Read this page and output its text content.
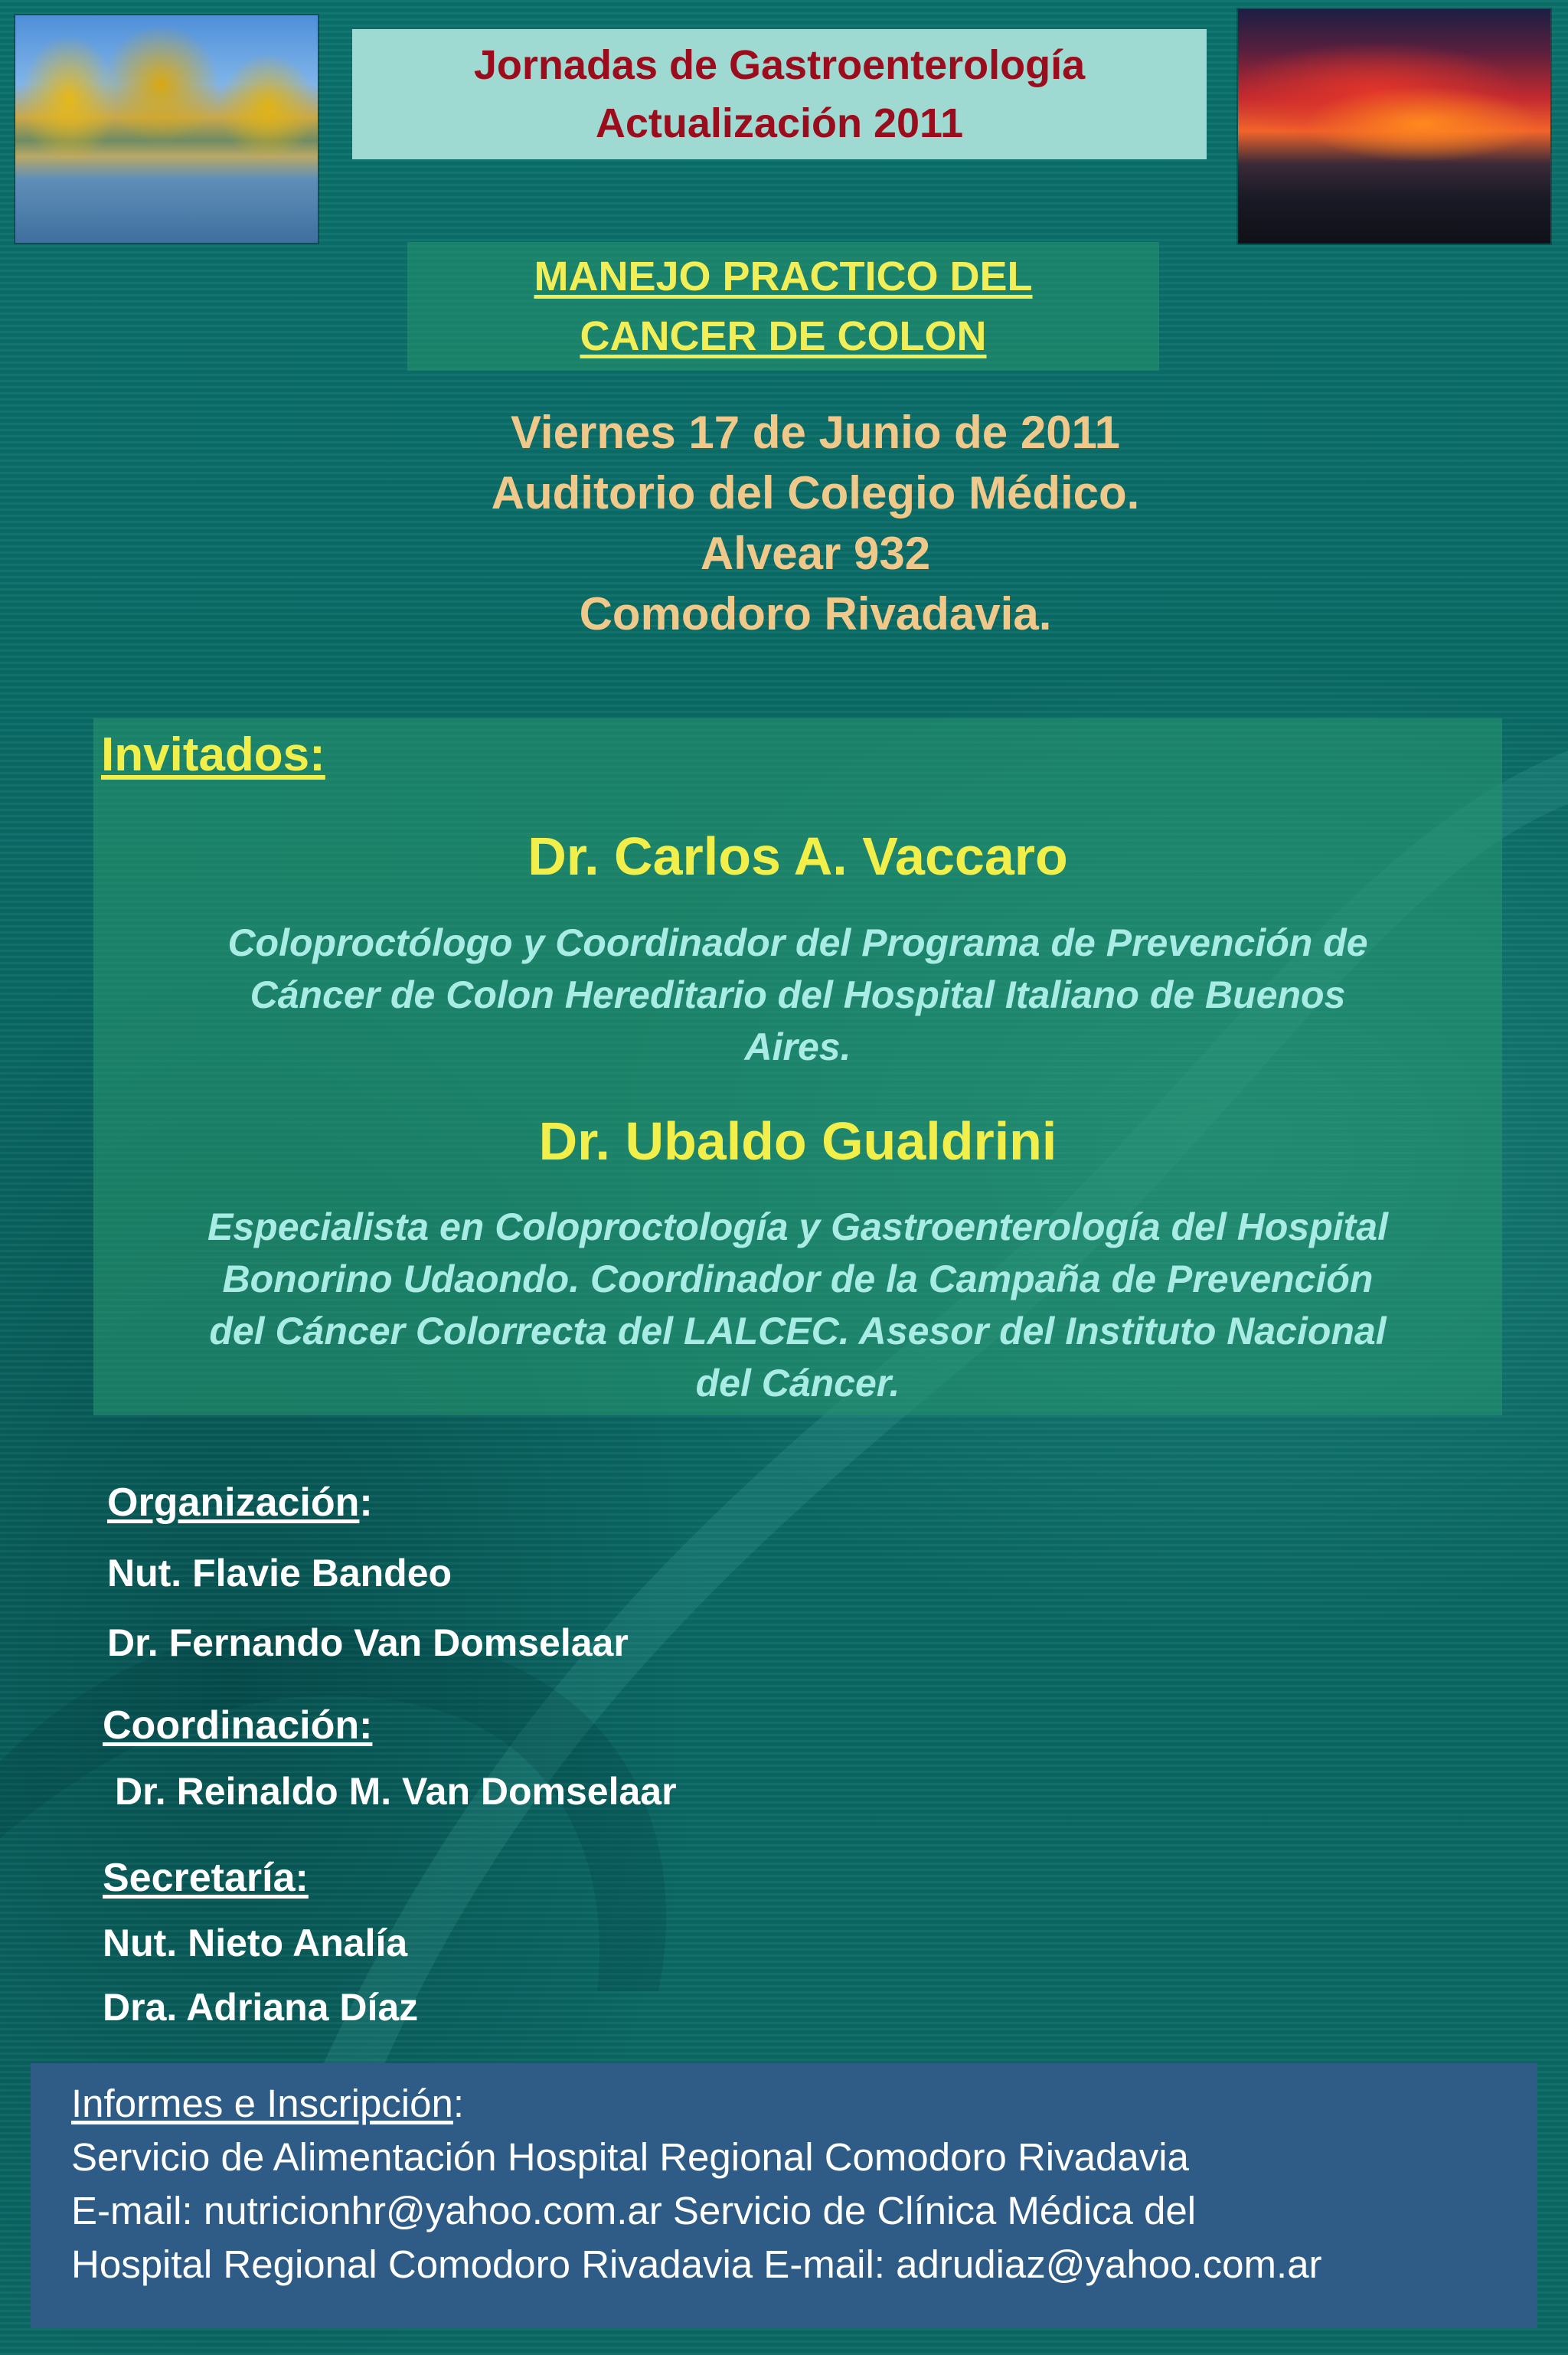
Jornadas de Gastroenterología
Actualización 2011
MANEJO PRACTICO DEL
CANCER DE COLON
Viernes 17 de Junio de 2011
Auditorio del Colegio Médico.
Alvear 932
Comodoro Rivadavia.
Invitados:
Dr. Carlos A. Vaccaro
Coloproctólogo y Coordinador del Programa de Prevención de
Cáncer de Colon Hereditario del Hospital Italiano de Buenos
Aires.
Dr. Ubaldo Gualdrini
Especialista en Coloproctología y Gastroenterología del Hospital
Bonorino Udaondo. Coordinador de la Campaña de Prevención
del Cáncer Colorrecta del LALCEC. Asesor del Instituto Nacional
del Cáncer.
Organización:
Nut. Flavie Bandeo
Dr. Fernando Van Domselaar
Coordinación:
Dr. Reinaldo M. Van Domselaar
Secretaría:
Nut. Nieto Analía
Dra. Adriana Díaz
Informes e Inscripción:
Servicio de Alimentación Hospital Regional Comodoro Rivadavia
E-mail: nutricionhr@yahoo.com.ar Servicio de Clínica Médica del
Hospital Regional Comodoro Rivadavia E-mail: adrudiaz@yahoo.com.ar
